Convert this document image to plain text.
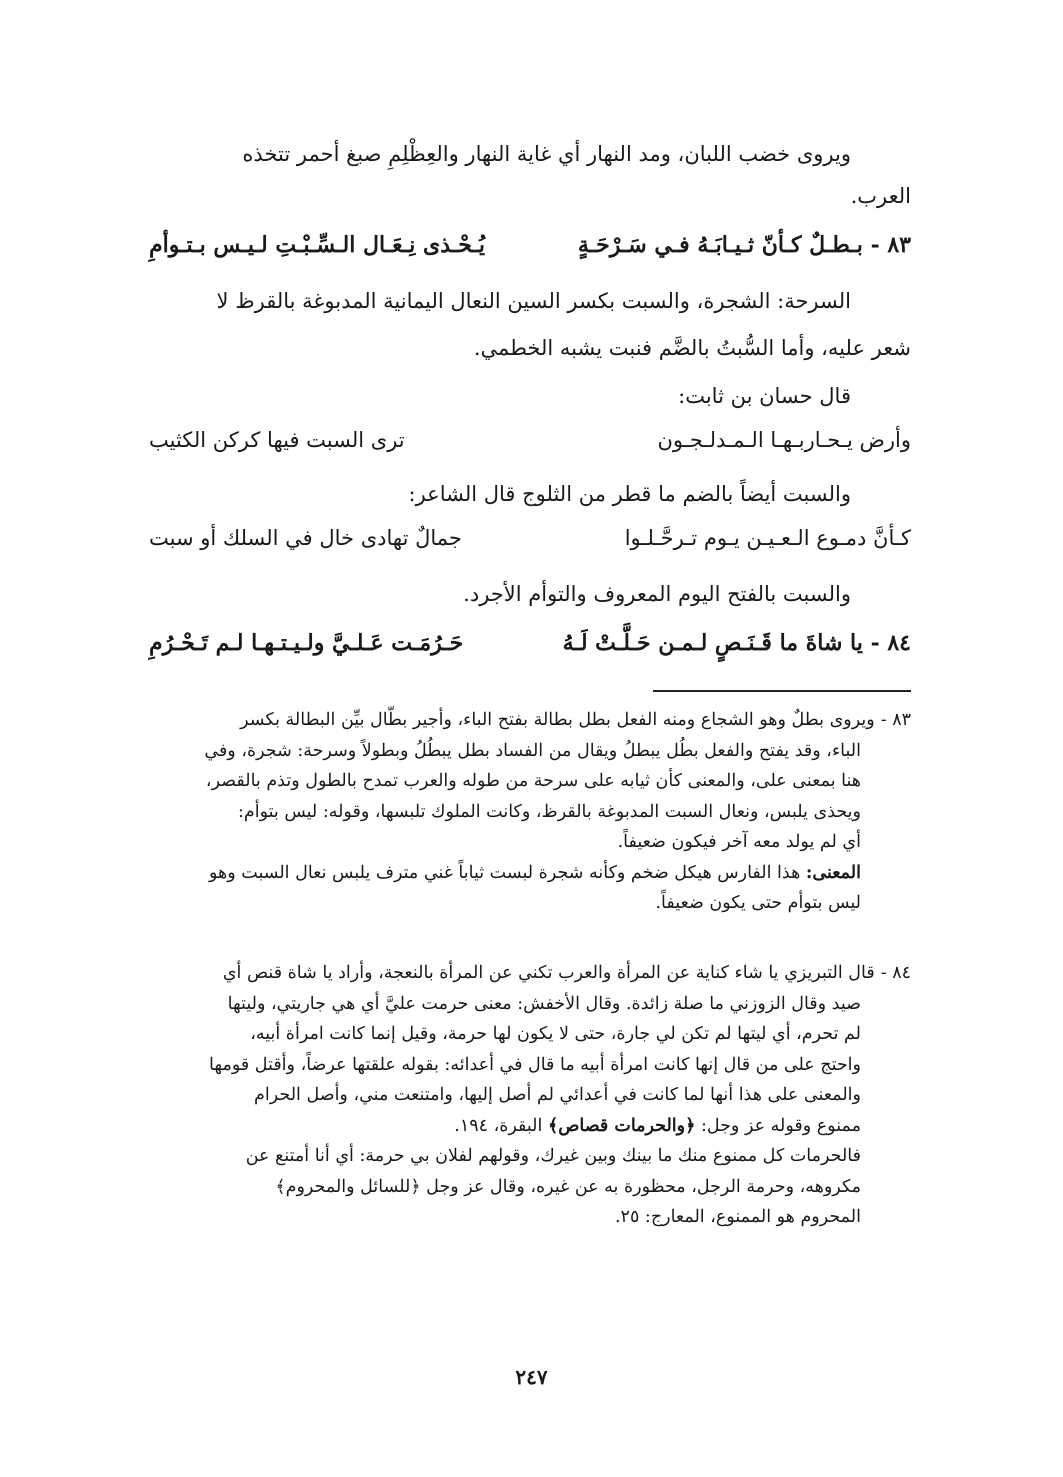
ويروى خضب اللبان، ومد النهار أي غاية النهار والعِظْلِمِ صبغ أحمر تتخذه
العرب.
٨٣ - بـطـلٌ كـأنّ ثـيـابَـهُ فـي سَـرْحَـةٍ
يُـحْـذى نِـعَـال الـسِّـبْـتِ لـيـس بـتـوأمِ
السرحة: الشجرة، والسبت بكسر السين النعال اليمانية المدبوغة بالقرظ لا
شعر عليه، وأما السُّبتُ بالضَّم فنبت يشبه الخطمي.
قال حسان بن ثابت:
وأرض يـحـاربـهـا الـمـدلـجـون
ترى السبت فيها كركن الكثيب
والسبت أيضاً بالضم ما قطر من الثلوج قال الشاعر:
كـأنَّ دمـوع الـعـيـن يـوم تـرحَّـلـوا
جمالٌ تهادى خال في السلك أو سبت
والسبت بالفتح اليوم المعروف والتوأم الأجرد.
٨٤ - يا شاةَ ما قَـنَـصٍ لـمـن حَـلَّـتْ لَـهُ
حَـرُمَـت عَـلـيَّ ولـيـتـهـا لـم تَـحْـرُمِ
٨٣ -ويروى بطلٌ وهو الشجاع ومنه الفعل بطل بطالة بفتح الباء، وأجير بطّال بيِّن البطالة بكسر
الباء، وقد يفتح والفعل بطُل يبطلُ ويقال من الفساد بطل يبطُلُ وبطولاً وسرحة: شجرة، وفي
هنا بمعنى على، والمعنى كأن ثيابه على سرحة من طوله والعرب تمدح بالطول وتذم بالقصر،
ويحذى يلبس، ونعال السبت المدبوغة بالقرظ، وكانت الملوك تلبسها، وقوله: ليس بتوأم:
أي لم يولد معه آخر فيكون ضعيفاً.
المعنى: هذا الفارس هيكل ضخم وكأنه شجرة لبست ثياباً غني مترف يلبس نعال السبت وهو
ليس بتوأم حتى يكون ضعيفاً.
٨٤ -قال التبريزي يا شاء كناية عن المرأة والعرب تكني عن المرأة بالنعجة، وأراد يا شاة قنص أي
صيد وقال الزوزني ما صلة زائدة. وقال الأخفش: معنى حرمت عليَّ أي هي جاريتي، وليتها
لم تحرم، أي ليتها لم تكن لي جارة، حتى لا يكون لها حرمة، وقيل إنما كانت امرأة أبيه،
واحتج على من قال إنها كانت امرأة أبيه ما قال في أعدائه: بقوله علقتها عرضاً، وأقتل قومها
والمعنى على هذا أنها لما كانت في أعدائي لم أصل إليها، وامتنعت مني، وأصل الحرام
ممنوع وقوله عز وجل: ﴿والحرمات قصاص﴾ البقرة، ١٩٤.
فالحرمات كل ممنوع منك ما بينك وبين غيرك، وقولهم لفلان بي حرمة: أي أنا أمتنع عن
مكروهه، وحرمة الرجل، محظورة به عن غيره، وقال عز وجل ﴿للسائل والمحروم﴾
المحروم هو الممنوع، المعارج: ٢٥.
٢٤٧
